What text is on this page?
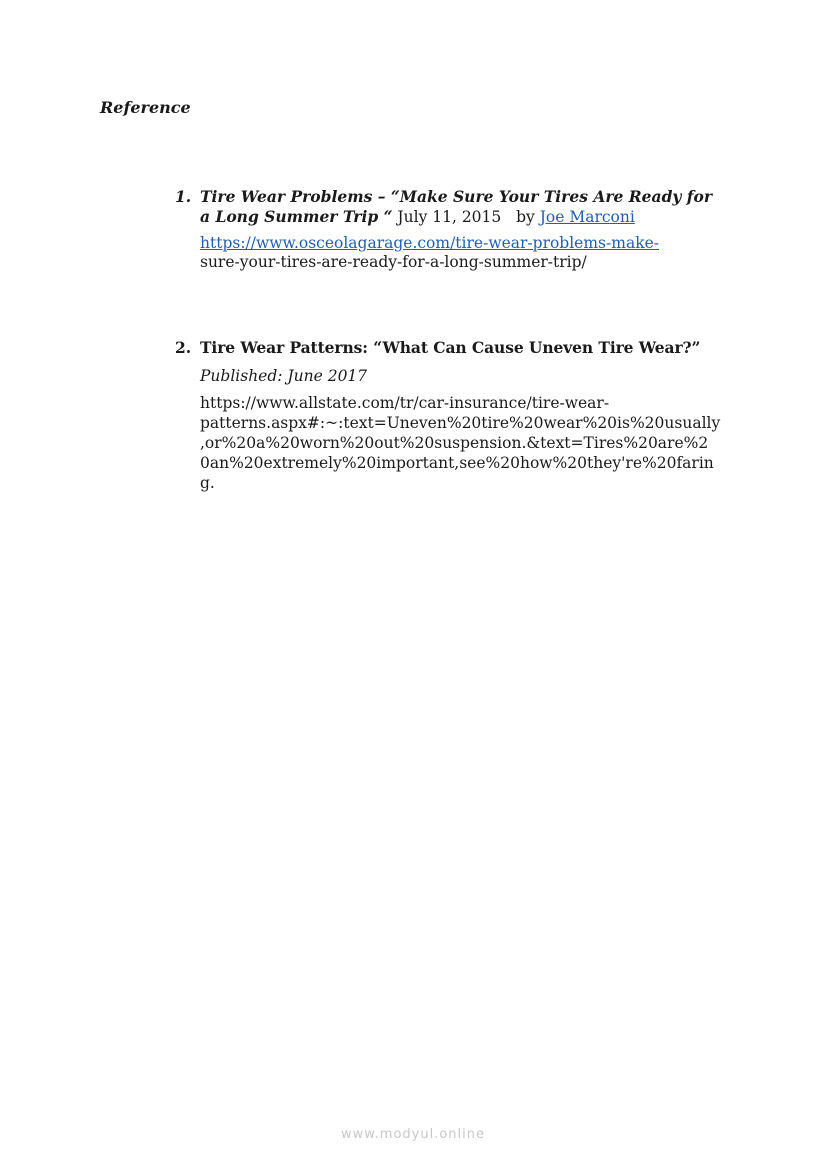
Reference
1. Tire Wear Problems – “Make Sure Your Tires Are Ready for
a Long Summer Trip “ July 11, 2015 by Joe Marconi

https://www.osceolagarage.com/tire-wear-problems-make-
sure-your-tires-are-ready-for-a-long-summer-trip/

2. Tire Wear Patterns: “What Can Cause Uneven Tire Wear?”

Published: June 2017

https://www.allstate.com/tr/car-insurance/tire-wear-
patterns.aspx#:~:text=Uneven%20tire%20wear%20is%20usually
,or%20a%20worn%20out%20suspension.&text=Tires%20are%2
0an%20extremely%20important,see%20how%20they're%20farin
g.

www.modyul.online
